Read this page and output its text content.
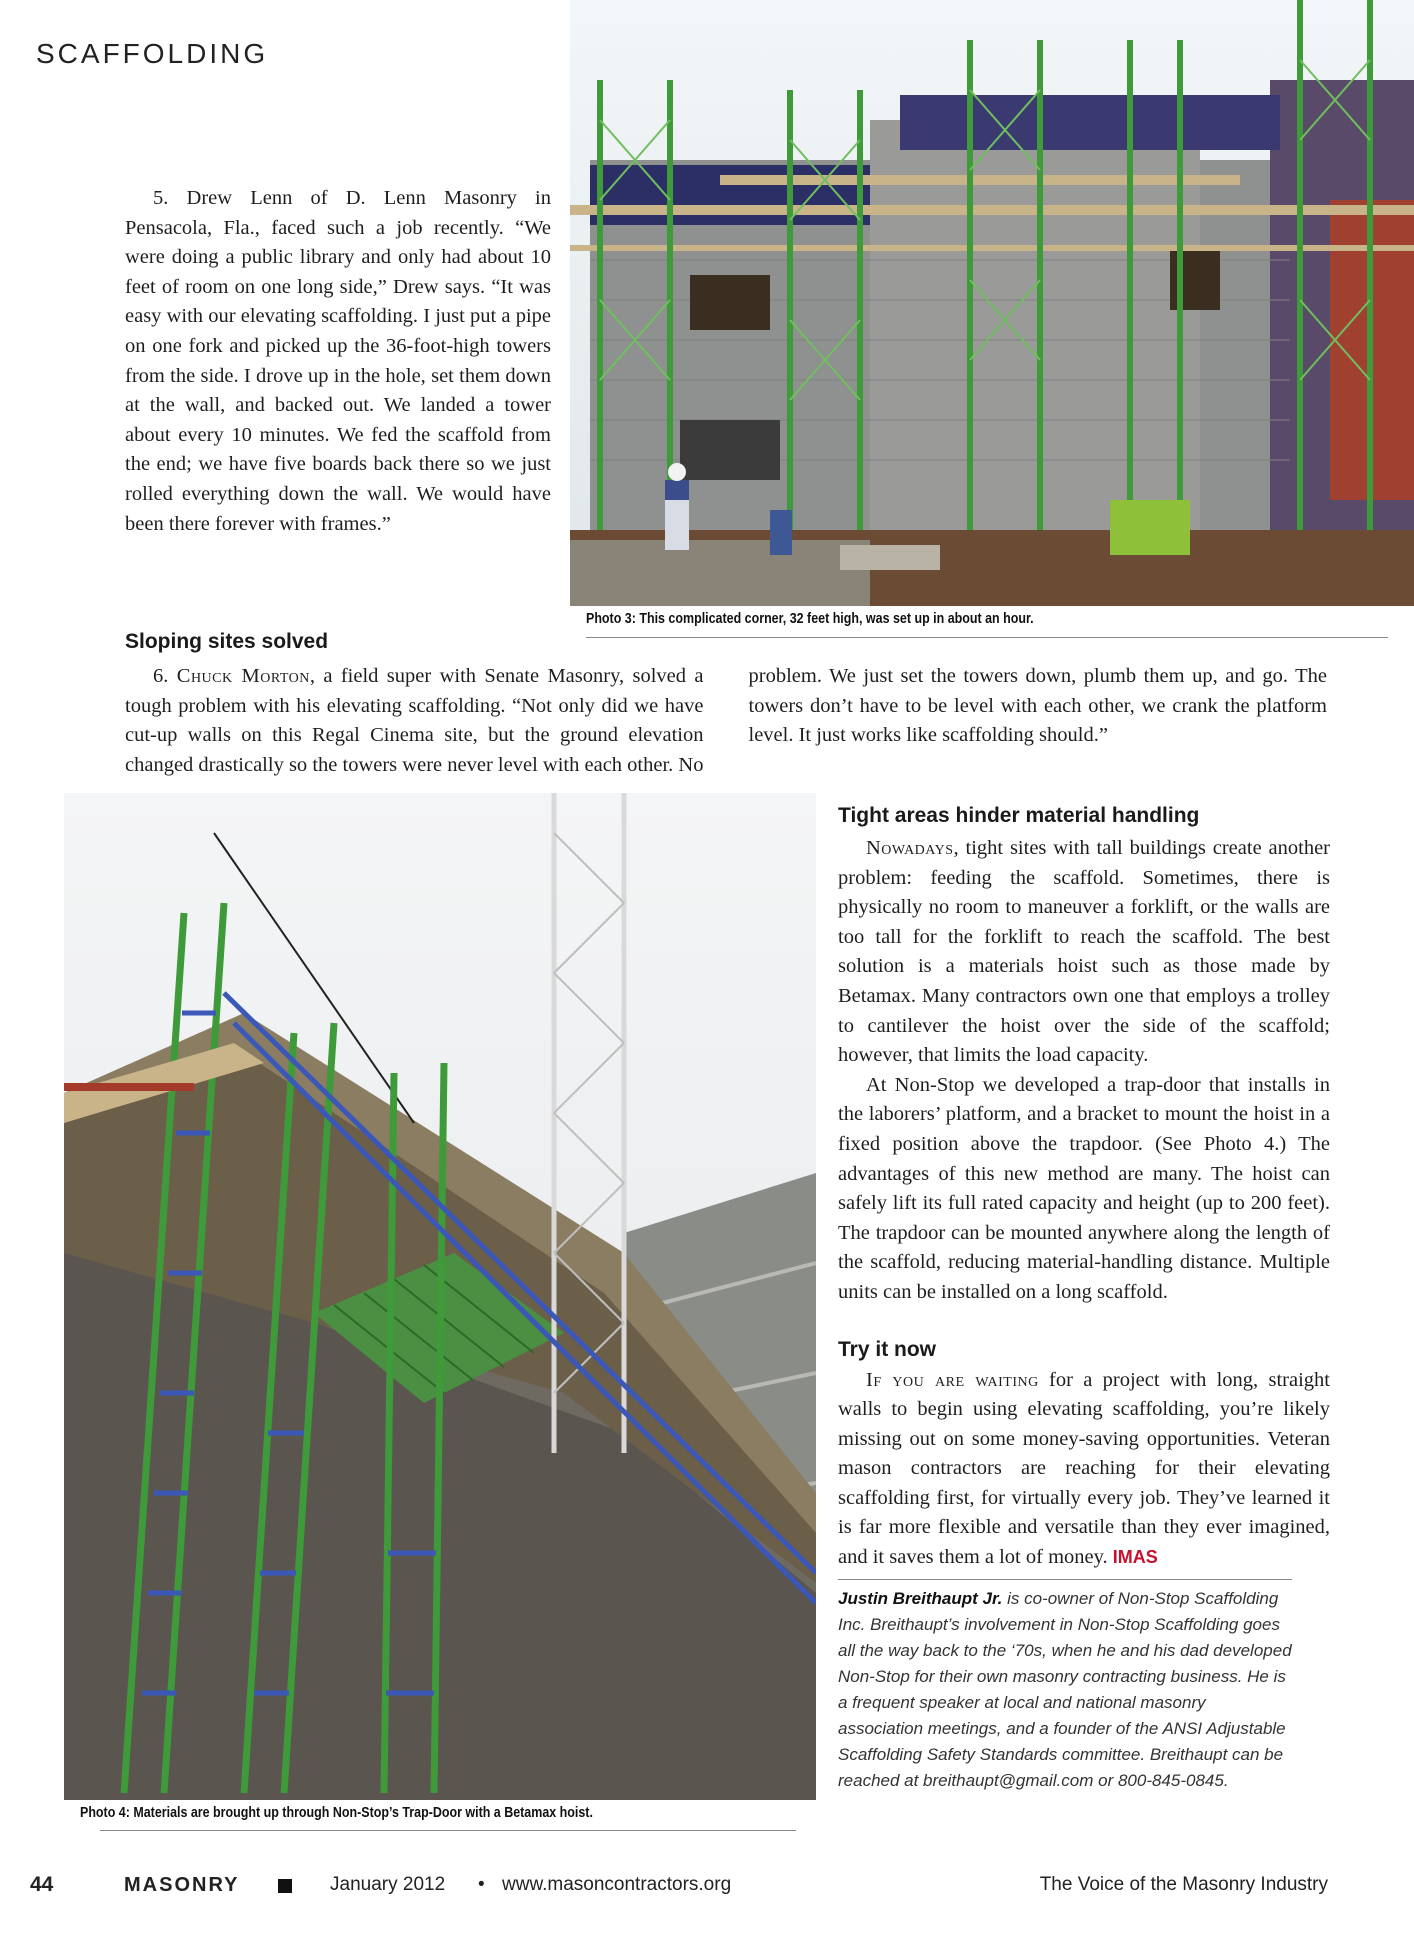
SCAFFOLDING

5. Drew Lenn of D. Lenn Masonry in Pensacola, Fla., faced such a job recently. “We were doing a public library and only had about 10 feet of room on one long side,” Drew says. “It was easy with our elevating scaffolding. I just put a pipe on one fork and picked up the 36-foot-high towers from the side. I drove up in the hole, set them down at the wall, and backed out. We landed a tower about every 10 minutes. We fed the scaffold from the end; we have five boards back there so we just rolled everything down the wall. We would have been there forever with frames.”

Photo 3: This complicated corner, 32 feet high, was set up in about an hour.
Sloping sites solved

6. Chuck Morton, a field super with Senate Masonry, solved a tough problem with his elevating scaffolding. “Not only did we have cut-up walls on this Regal Cinema site, but the ground elevation changed drastically so the towers were never level with each other. No problem. We just set the towers down, plumb them up, and go. The towers don’t have to be level with each other, we crank the platform level. It just works like scaffolding should.”

Photo 4: Materials are brought up through Non-Stop’s Trap-Door with a Betamax hoist.
Tight areas hinder material handling

Nowadays, tight sites with tall buildings create another problem: feeding the scaffold. Sometimes, there is physically no room to maneuver a forklift, or the walls are too tall for the forklift to reach the scaffold. The best solution is a materials hoist such as those made by Betamax. Many contractors own one that employs a trolley to cantilever the hoist over the side of the scaffold; however, that limits the load capacity.

At Non-Stop we developed a trap-door that installs in the laborers’ platform, and a bracket to mount the hoist in a fixed position above the trapdoor. (See Photo 4.) The advantages of this new method are many. The hoist can safely lift its full rated capacity and height (up to 200 feet). The trapdoor can be mounted anywhere along the length of the scaffold, reducing material-handling distance. Multiple units can be installed on a long scaffold.

Try it now

If you are waiting for a project with long, straight walls to begin using elevating scaffolding, you’re likely missing out on some money-saving opportunities. Veteran mason contractors are reaching for their elevating scaffolding first, for virtually every job. They’ve learned it is far more flexible and versatile than they ever imagined, and it saves them a lot of money. IMAS

Justin Breithaupt Jr. is co-owner of Non-Stop Scaffolding Inc. Breithaupt’s involvement in Non-Stop Scaffolding goes all the way back to the ‘70s, when he and his dad developed Non-Stop for their own masonry contracting business. He is a frequent speaker at local and national masonry association meetings, and a founder of the ANSI Adjustable Scaffolding Safety Standards committee. Breithaupt can be reached at breithaupt@gmail.com or 800-845-0845.

44	MASONRY	January 2012 • www.masoncontractors.org	The Voice of the Masonry Industry
